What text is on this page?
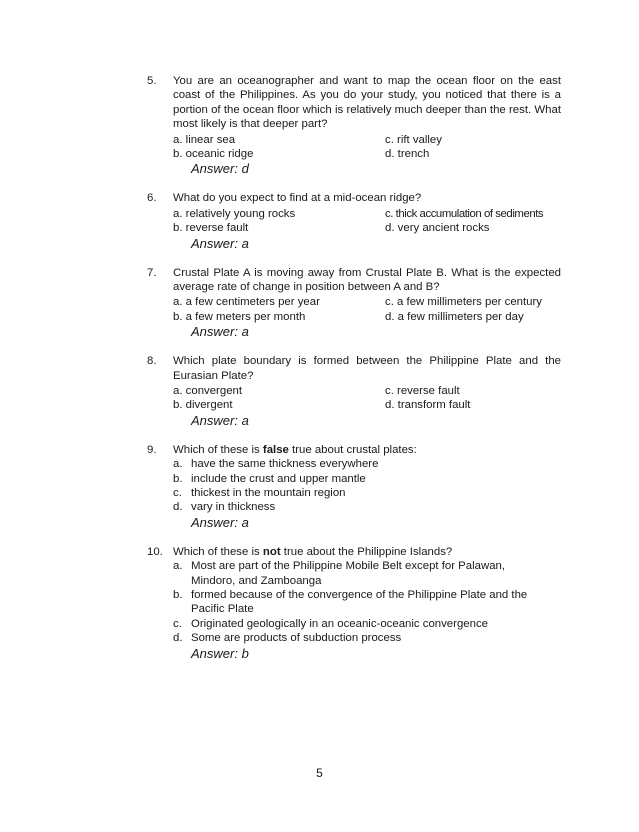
5. You are an oceanographer and want to map the ocean floor on the east coast of the Philippines. As you do your study, you noticed that there is a portion of the ocean floor which is relatively much deeper than the rest. What most likely is that deeper part?
a. linear sea	c. rift valley
b. oceanic ridge	d. trench
Answer: d
6. What do you expect to find at a mid-ocean ridge?
a. relatively young rocks	c. thick accumulation of sediments
b. reverse fault	d. very ancient rocks
Answer: a
7. Crustal Plate A is moving away from Crustal Plate B. What is the expected average rate of change in position between A and B?
a. a few centimeters per year	c. a few millimeters per century
b. a few meters per month	d. a few millimeters per day
Answer: a
8. Which plate boundary is formed between the Philippine Plate and the Eurasian Plate?
a. convergent	c. reverse fault
b. divergent	d. transform fault
Answer: a
9. Which of these is false true about crustal plates:
a. have the same thickness everywhere
b. include the crust and upper mantle
c. thickest in the mountain region
d. vary in thickness
Answer: a
10. Which of these is not true about the Philippine Islands?
a. Most are part of the Philippine Mobile Belt except for Palawan, Mindoro, and Zamboanga
b. formed because of the convergence of the Philippine Plate and the Pacific Plate
c. Originated geologically in an oceanic-oceanic convergence
d. Some are products of subduction process
Answer: b
5
